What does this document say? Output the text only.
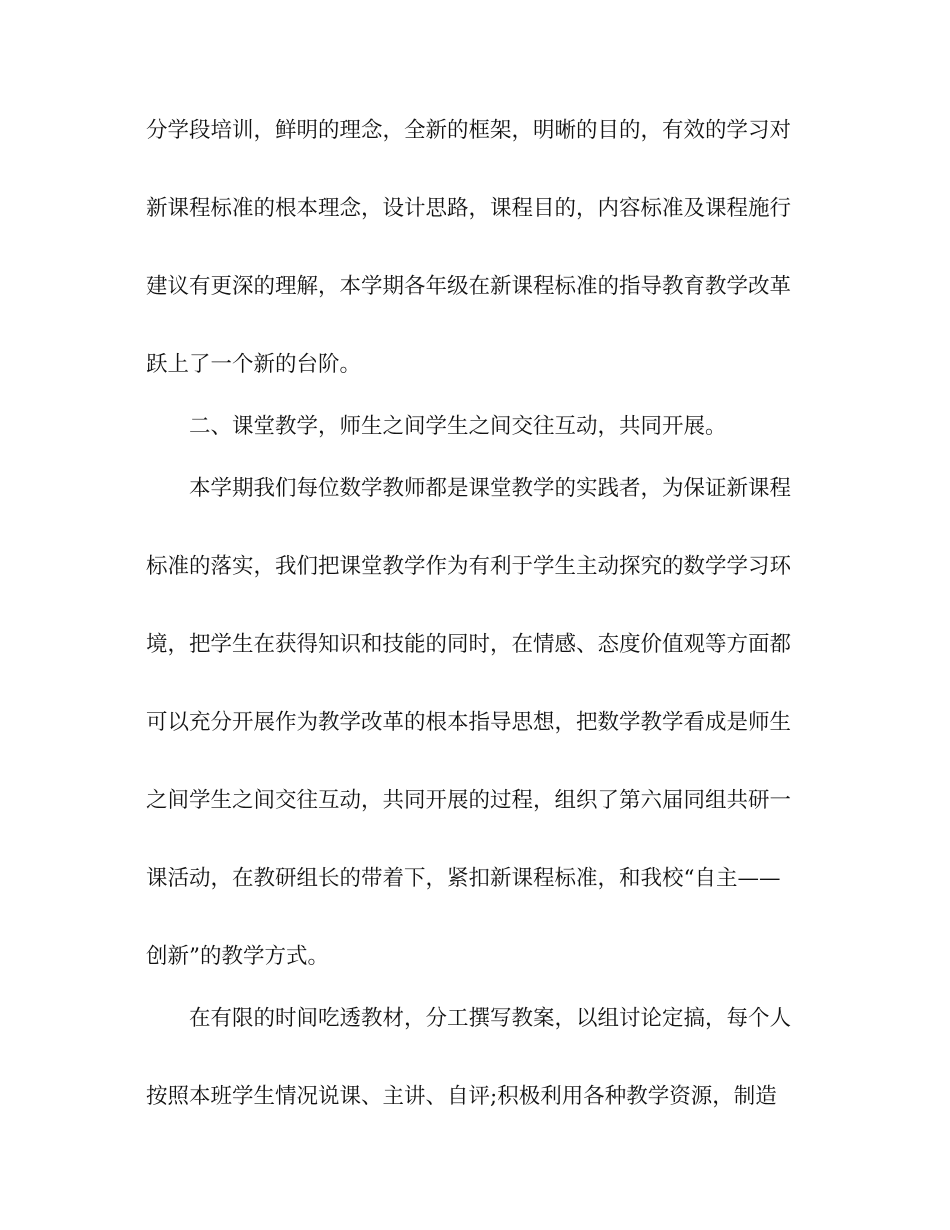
分学段培训，鲜明的理念，全新的框架，明晰的目的，有效的学习对
新课程标准的根本理念，设计思路，课程目的，内容标准及课程施行
建议有更深的理解，本学期各年级在新课程标准的指导教育教学改革
跃上了一个新的台阶。
二、课堂教学，师生之间学生之间交往互动，共同开展。
本学期我们每位数学教师都是课堂教学的实践者，为保证新课程
标准的落实，我们把课堂教学作为有利于学生主动探究的数学学习环
境，把学生在获得知识和技能的同时，在情感、态度价值观等方面都
可以充分开展作为教学改革的根本指导思想，把数学教学看成是师生
之间学生之间交往互动，共同开展的过程，组织了第六届同组共研一
课活动，在教研组长的带着下，紧扣新课程标准，和我校“自主——
创新”的教学方式。
在有限的时间吃透教材，分工撰写教案，以组讨论定搞，每个人
按照本班学生情况说课、主讲、自评;积极利用各种教学资源，制造
